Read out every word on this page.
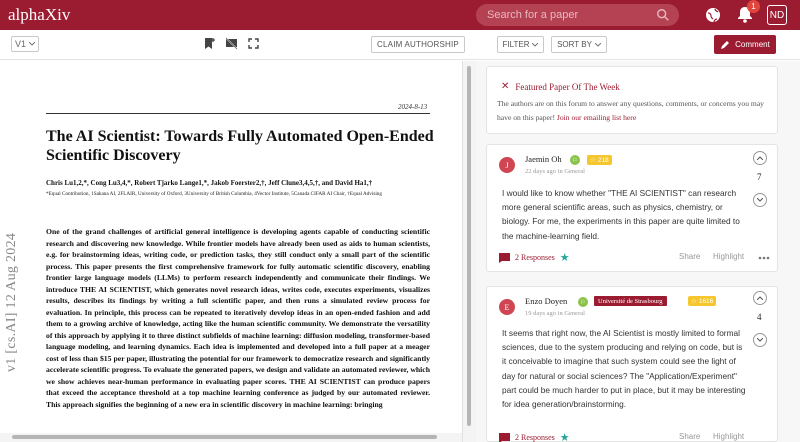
alphaXiv	Search for a paper
1
ND
V1	CLAIM AUTHORSHIP
2024-8-13
The AI Scientist: Towards Fully Automated Open-Ended Scientific Discovery
Chris Lu1,2,*, Cong Lu3,4,*, Robert Tjarko Lange1,*, Jakob Foerster2,†, Jeff Clune3,4,5,†, and David Ha1,†
*Equal Contribution, 1Sakana AI, 2FLAIR, University of Oxford, 3University of British Columbia, 4Vector Institute, 5Canada CIFAR AI Chair, †Equal Advising
One of the grand challenges of artificial general intelligence is developing agents capable of conducting scientific research and discovering new knowledge. While frontier models have already been used as aids to human scientists, e.g. for brainstorming ideas, writing code, or prediction tasks, they still conduct only a small part of the scientific process. This paper presents the first comprehensive framework for fully automatic scientific discovery, enabling frontier large language models (LLMs) to perform research independently and communicate their findings. We introduce THE AI SCIENTIST, which generates novel research ideas, writes code, executes experiments, visualizes results, describes its findings by writing a full scientific paper, and then runs a simulated review process for evaluation. In principle, this process can be repeated to iteratively develop ideas in an open-ended fashion and add them to a growing archive of knowledge, acting like the human scientific community. We demonstrate the versatility of this approach by applying it to three distinct subfields of machine learning: diffusion modeling, transformer-based language modeling, and learning dynamics. Each idea is implemented and developed into a full paper at a meager cost of less than $15 per paper, illustrating the potential for our framework to democratize research and significantly accelerate scientific progress. To evaluate the generated papers, we design and validate an automated reviewer, which we show achieves near-human performance in evaluating paper scores. THE AI SCIENTIST can produce papers that exceed the acceptance threshold at a top machine learning conference as judged by our automated reviewer. This approach signifies the beginning of a new era in scientific discovery in machine learning: bringing
v1 [cs.AI] 12 Aug 2024
FILTER	SORT BY	Comment
✕ Featured Paper Of The Week
The authors are on this forum to answer any questions, comments, or concerns you may have on this paper! Join our emailing list here
J
Jaemin Oh	⚐	☆ 218
22 days ago in General
I would like to know whether "THE AI SCIENTIST" can research more general scientific areas, such as physics, chemistry, or biology. For me, the experiments in this paper are quite limited to the machine-learning field.
7
2 Responses ★	Share Highlight
E
Enzo Doyen	⚐	Université de Strasbourg	☆ 1616
19 days ago in General
It seems that right now, the AI Scientist is mostly limited to formal sciences, due to the system producing and relying on code, but is it conceivable to imagine that such system could see the light of day for natural or social sciences? The "Application/Experiment" part could be much harder to put in place, but it may be interesting for idea generation/brainstorming.
4
2 Responses ★	Share Highlight
